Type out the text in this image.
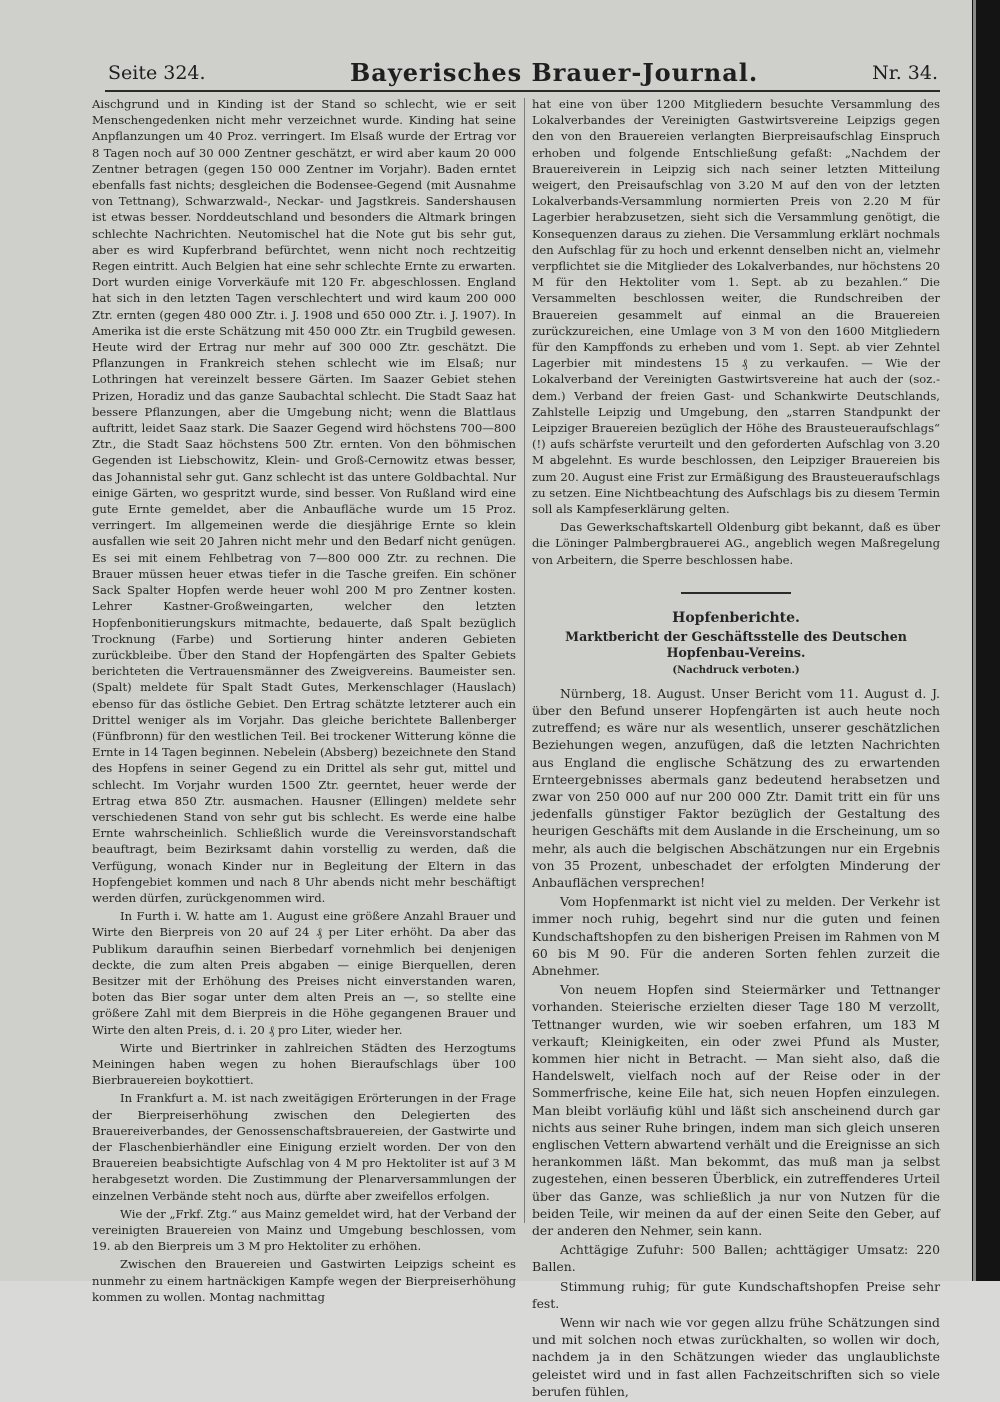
Seite 324.	Bayerisches Brauer-Journal.	Nr. 34.

Aischgrund und in Kinding ist der Stand so schlecht, wie er seit Menschengedenken nicht mehr verzeichnet wurde. Kinding hat seine Anpflanzungen um 40 Proz. verringert. Im Elsaß wurde der Ertrag vor 8 Tagen noch auf 30 000 Zentner geschätzt, er wird aber kaum 20 000 Zentner betragen (gegen 150 000 Zentner im Vorjahr). Baden erntet ebenfalls fast nichts; desgleichen die Bodensee-Gegend (mit Ausnahme von Tettnang), Schwarzwald-, Neckar- und Jagstkreis. Sandershausen ist etwas besser. Norddeutschland und besonders die Altmark bringen schlechte Nachrichten. Neutomischel hat die Note gut bis sehr gut, aber es wird Kupferbrand befürchtet, wenn nicht noch rechtzeitig Regen eintritt. Auch Belgien hat eine sehr schlechte Ernte zu erwarten. Dort wurden einige Vorverkäufe mit 120 Fr. abgeschlossen. England hat sich in den letzten Tagen verschlechtert und wird kaum 200 000 Ztr. ernten (gegen 480 000 Ztr. i. J. 1908 und 650 000 Ztr. i. J. 1907). In Amerika ist die erste Schätzung mit 450 000 Ztr. ein Trugbild gewesen. Heute wird der Ertrag nur mehr auf 300 000 Ztr. geschätzt. Die Pflanzungen in Frankreich stehen schlecht wie im Elsaß; nur Lothringen hat vereinzelt bessere Gärten. Im Saazer Gebiet stehen Prizen, Horadiz und das ganze Saubachtal schlecht. Die Stadt Saaz hat bessere Pflanzungen, aber die Umgebung nicht; wenn die Blattlaus auftritt, leidet Saaz stark. Die Saazer Gegend wird höchstens 700—800 Ztr., die Stadt Saaz höchstens 500 Ztr. ernten. Von den böhmischen Gegenden ist Liebschowitz, Klein- und Groß-Cernowitz etwas besser, das Johannistal sehr gut. Ganz schlecht ist das untere Goldbachtal. Nur einige Gärten, wo gespritzt wurde, sind besser. Von Rußland wird eine gute Ernte gemeldet, aber die Anbaufläche wurde um 15 Proz. verringert. Im allgemeinen werde die diesjährige Ernte so klein ausfallen wie seit 20 Jahren nicht mehr und den Bedarf nicht genügen. Es sei mit einem Fehlbetrag von 7—800 000 Ztr. zu rechnen. Die Brauer müssen heuer etwas tiefer in die Tasche greifen. Ein schöner Sack Spalter Hopfen werde heuer wohl 200 M pro Zentner kosten. Lehrer Kastner-Großweingarten, welcher den letzten Hopfenbonitierungskurs mitmachte, bedauerte, daß Spalt bezüglich Trocknung (Farbe) und Sortierung hinter anderen Gebieten zurückbleibe. Über den Stand der Hopfengärten des Spalter Gebiets berichteten die Vertrauensmänner des Zweigvereins. Baumeister sen. (Spalt) meldete für Spalt Stadt Gutes, Merkenschlager (Hauslach) ebenso für das östliche Gebiet. Den Ertrag schätzte letzterer auch ein Drittel weniger als im Vorjahr. Das gleiche berichtete Ballenberger (Fünfbronn) für den westlichen Teil. Bei trockener Witterung könne die Ernte in 14 Tagen beginnen. Nebelein (Absberg) bezeichnete den Stand des Hopfens in seiner Gegend zu ein Drittel als sehr gut, mittel und schlecht. Im Vorjahr wurden 1500 Ztr. geerntet, heuer werde der Ertrag etwa 850 Ztr. ausmachen. Hausner (Ellingen) meldete sehr verschiedenen Stand von sehr gut bis schlecht. Es werde eine halbe Ernte wahrscheinlich. Schließlich wurde die Vereinsvorstandschaft beauftragt, beim Bezirksamt dahin vorstellig zu werden, daß die Verfügung, wonach Kinder nur in Begleitung der Eltern in das Hopfengebiet kommen und nach 8 Uhr abends nicht mehr beschäftigt werden dürfen, zurückgenommen wird.

In Furth i. W. hatte am 1. August eine größere Anzahl Brauer und Wirte den Bierpreis von 20 auf 24 ₰ per Liter erhöht. Da aber das Publikum daraufhin seinen Bierbedarf vornehmlich bei denjenigen deckte, die zum alten Preis abgaben — einige Bierquellen, deren Besitzer mit der Erhöhung des Preises nicht einverstanden waren, boten das Bier sogar unter dem alten Preis an —, so stellte eine größere Zahl mit dem Bierpreis in die Höhe gegangenen Brauer und Wirte den alten Preis, d. i. 20 ₰ pro Liter, wieder her.

Wirte und Biertrinker in zahlreichen Städten des Herzogtums Meiningen haben wegen zu hohen Bieraufschlags über 100 Bierbrauereien boykottiert.

In Frankfurt a. M. ist nach zweitägigen Erörterungen in der Frage der Bierpreiserhöhung zwischen den Delegierten des Brauereiverbandes, der Genossenschaftsbrauereien, der Gastwirte und der Flaschenbierhändler eine Einigung erzielt worden. Der von den Brauereien beabsichtigte Aufschlag von 4 M pro Hektoliter ist auf 3 M herabgesetzt worden. Die Zustimmung der Plenarversammlungen der einzelnen Verbände steht noch aus, dürfte aber zweifellos erfolgen.

Wie der „Frkf. Ztg.“ aus Mainz gemeldet wird, hat der Verband der vereinigten Brauereien von Mainz und Umgebung beschlossen, vom 19. ab den Bierpreis um 3 M pro Hektoliter zu erhöhen.

Zwischen den Brauereien und Gastwirten Leipzigs scheint es nunmehr zu einem hartnäckigen Kampfe wegen der Bierpreiserhöhung kommen zu wollen. Montag nachmittag

hat eine von über 1200 Mitgliedern besuchte Versammlung des Lokalverbandes der Vereinigten Gastwirtsvereine Leipzigs gegen den von den Brauereien verlangten Bierpreisaufschlag Einspruch erhoben und folgende Entschließung gefaßt: „Nachdem der Brauereiverein in Leipzig sich nach seiner letzten Mitteilung weigert, den Preisaufschlag von 3.20 M auf den von der letzten Lokalverbands-Versammlung normierten Preis von 2.20 M für Lagerbier herabzusetzen, sieht sich die Versammlung genötigt, die Konsequenzen daraus zu ziehen. Die Versammlung erklärt nochmals den Aufschlag für zu hoch und erkennt denselben nicht an, vielmehr verpflichtet sie die Mitglieder des Lokalverbandes, nur höchstens 20 M für den Hektoliter vom 1. Sept. ab zu bezahlen.“ Die Versammelten beschlossen weiter, die Rundschreiben der Brauereien gesammelt auf einmal an die Brauereien zurückzureichen, eine Umlage von 3 M von den 1600 Mitgliedern für den Kampffonds zu erheben und vom 1. Sept. ab vier Zehntel Lagerbier mit mindestens 15 ₰ zu verkaufen. — Wie der Lokalverband der Vereinigten Gastwirtsvereine hat auch der (soz.-dem.) Verband der freien Gast- und Schankwirte Deutschlands, Zahlstelle Leipzig und Umgebung, den „starren Standpunkt der Leipziger Brauereien bezüglich der Höhe des Brausteueraufschlags“ (!) aufs schärfste verurteilt und den geforderten Aufschlag von 3.20 M abgelehnt. Es wurde beschlossen, den Leipziger Brauereien bis zum 20. August eine Frist zur Ermäßigung des Brausteueraufschlags zu setzen. Eine Nichtbeachtung des Aufschlags bis zu diesem Termin soll als Kampfeserklärung gelten.

Das Gewerkschaftskartell Oldenburg gibt bekannt, daß es über die Löninger Palmbergbrauerei AG., angeblich wegen Maßregelung von Arbeitern, die Sperre beschlossen habe.

Hopfenberichte.
Marktbericht der Geschäftsstelle des Deutschen Hopfenbau-Vereins.
(Nachdruck verboten.)

Nürnberg, 18. August. Unser Bericht vom 11. August d. J. über den Befund unserer Hopfengärten ist auch heute noch zutreffend; es wäre nur als wesentlich, unserer geschätzlichen Beziehungen wegen, anzufügen, daß die letzten Nachrichten aus England die englische Schätzung des zu erwartenden Ernteergebnisses abermals ganz bedeutend herabsetzen und zwar von 250 000 auf nur 200 000 Ztr. Damit tritt ein für uns jedenfalls günstiger Faktor bezüglich der Gestaltung des heurigen Geschäfts mit dem Auslande in die Erscheinung, um so mehr, als auch die belgischen Abschätzungen nur ein Ergebnis von 35 Prozent, unbeschadet der erfolgten Minderung der Anbauflächen versprechen!

Vom Hopfenmarkt ist nicht viel zu melden. Der Verkehr ist immer noch ruhig, begehrt sind nur die guten und feinen Kundschaftshopfen zu den bisherigen Preisen im Rahmen von M 60 bis M 90. Für die anderen Sorten fehlen zurzeit die Abnehmer.

Von neuem Hopfen sind Steiermärker und Tettnanger vorhanden. Steierische erzielten dieser Tage 180 M verzollt, Tettnanger wurden, wie wir soeben erfahren, um 183 M verkauft; Kleinigkeiten, ein oder zwei Pfund als Muster, kommen hier nicht in Betracht. — Man sieht also, daß die Handelswelt, vielfach noch auf der Reise oder in der Sommerfrische, keine Eile hat, sich neuen Hopfen einzulegen. Man bleibt vorläufig kühl und läßt sich anscheinend durch gar nichts aus seiner Ruhe bringen, indem man sich gleich unseren englischen Vettern abwartend verhält und die Ereignisse an sich herankommen läßt. Man bekommt, das muß man ja selbst zugestehen, einen besseren Überblick, ein zutreffenderes Urteil über das Ganze, was schließlich ja nur von Nutzen für die beiden Teile, wir meinen da auf der einen Seite den Geber, auf der anderen den Nehmer, sein kann.

Achttägige Zufuhr: 500 Ballen; achttägiger Umsatz: 220 Ballen.

Stimmung ruhig; für gute Kundschaftshopfen Preise sehr fest.

Wenn wir nach wie vor gegen allzu frühe Schätzungen sind und mit solchen noch etwas zurückhalten, so wollen wir doch, nachdem ja in den Schätzungen wieder das unglaublichste geleistet wird und in fast allen Fachzeitschriften sich so viele berufen fühlen,
